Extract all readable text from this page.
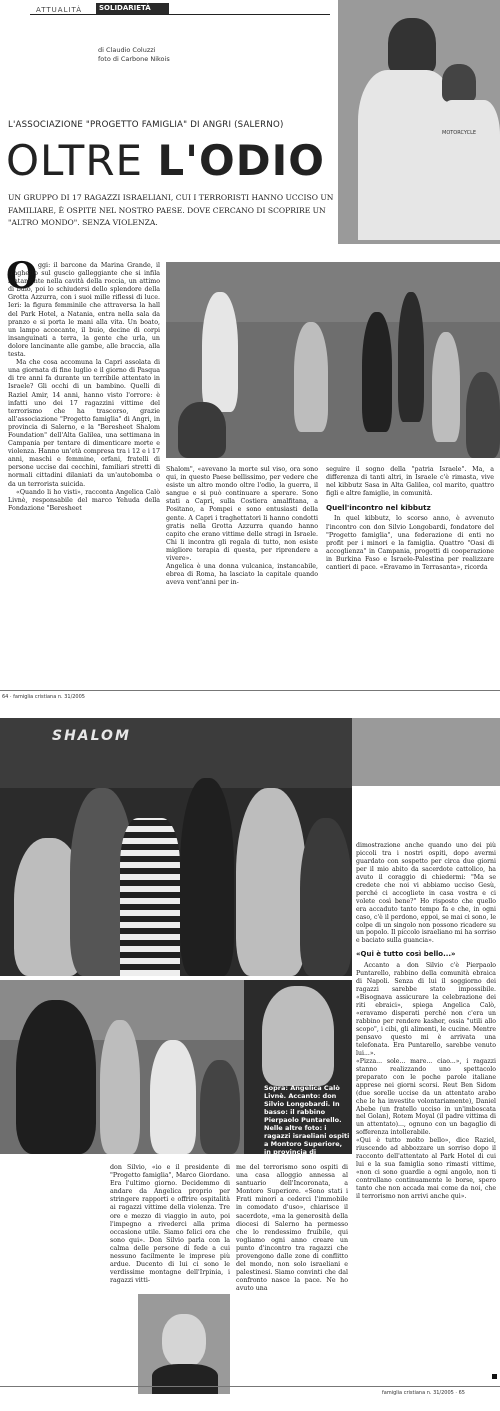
ATTUALITÀ	SOLIDARIETÀ
di Claudio Coluzzi
foto di Carbone Nikois
MOTORCYCLE
L'ASSOCIAZIONE "PROGETTO FAMIGLIA" DI ANGRI (SALERNO)
OLTRE L'ODIO
UN GRUPPO DI 17 RAGAZZI ISRAELIANI, CUI I TERRORISTI HANNO UCCISO UN FAMILIARE, È OSPITE NEL NOSTRO PAESE. DOVE CERCANO DI SCOPRIRE UN "ALTRO MONDO". SENZA VIOLENZA.
O ggi: il barcone da Marina Grande, il traghetto sul guscio galleggiante che si infila lentamente nella cavità della roccia, un attimo di buio, poi lo schiudersi dello splendore della Grotta Azzurra, con i suoi mille riflessi di luce. Ieri: la figura femminile che attraversa la hall del Park Hotel, a Natania, entra nella sala da pranzo e si porta le mani alla vita. Un boato, un lampo accecante, il buio, decine di corpi insanguinati a terra, la gente che urla, un dolore lancinante alle gambe, alle braccia, alla testa.

Ma che cosa accomuna la Capri assolata di una giornata di fine luglio e il giorno di Pasqua di tre anni fa durante un terribile attentato in Israele? Gli occhi di un bambino. Quelli di Raziel Amir, 14 anni, hanno visto l'orrore: è infatti uno dei 17 ragazzini vittime del terrorismo che ha trascorso, grazie all'associazione "Progetto famiglia" di Angri, in provincia di Salerno, e la "Beresheet Shalom Foundation" dell'Alta Galilea, una settimana in Campania per tentare di dimenticare morte e violenza. Hanno un'età compresa tra i 12 e i 17 anni, maschi e femmine, orfani, fratelli di persone uccise dai cecchini, familiari stretti di normali cittadini dilaniati da un'autobomba o da un terrorista suicida.

«Quando li ho visti», racconta Angelica Calò Livnè, responsabile del marco Yehuda della Fondazione "Beresheet

Shalom", «avevano la morte sul viso, ora sono qui, in questo Paese bellissimo, per vedere che esiste un altro mondo oltre l'odio, la guerra, il sangue e si può continuare a sperare. Sono stati a Capri, sulla Costiera amalfitana, a Positano, a Pompei e sono entusiasti della gente. A Capri i traghettatori li hanno condotti gratis nella Grotta Azzurra quando hanno capito che erano vittime delle stragi in Israele. Chi li incontra gli regala di tutto, non esiste migliore terapia di questa, per riprendere a vivere».
Angelica è una donna vulcanica, instancabile, ebrea di Roma, ha lasciato la capitale quando aveva vent'anni per in-

seguire il sogno della "patria Israele". Ma, a differenza di tanti altri, in Israele c'è rimasta, vive nel kibbutz Sasa in Alta Galilea, col marito, quattro figli e altre famiglie, in comunità.

Quell'incontro nel kibbutz

In quel kibbutz, lo scorso anno, è avvenuto l'incontro con don Silvio Longobardi, fondatore del "Progetto famiglia", una federazione di enti no profit per i minori e la famiglia. Quattro "Oasi di accoglienza" in Campania, progetti di cooperazione in Burkina Faso e Israele-Palestina per realizzare cantieri di pace. «Eravamo in Terrasanta», ricorda

64 · famiglia cristiana n. 31/2005
SHALOM
Sopra: Angelica Calò Livnè. Accanto: don Silvio Longobardi. In basso: il rabbino Pierpaolo Puntarello. Nelle altre foto: i ragazzi israeliani ospiti a Montoro Superiore, in provincia di Avellino.

don Silvio, «io e il presidente di "Progetto famiglia", Marco Giordano. Era l'ultimo giorno. Decidemmo di andare da Angelica proprio per stringere rapporti e offrire ospitalità ai ragazzi vittime della violenza. Tre ore e mezzo di viaggio in auto, poi l'impegno a rivederci alla prima occasione utile. Siamo felici ora che sono qui». Don Silvio parla con la calma delle persone di fede a cui nessuno facilmente le imprese più ardue. Ducento di lui ci sono le verdissime montagne dell'Irpinia, i ragazzi vitti-

me del terrorismo sono ospiti di una casa alloggio annessa al santuario dell'Incoronata, a Montoro Superiore. «Sono stati i Frati minori a cederci l'immobile in comodato d'uso», chiarisce il sacerdote, «ma la generosità della diocesi di Salerno ha permesso che lo rendessimo fruibile, qui vogliamo ogni anno creare un punto d'incontro tra ragazzi che provengono dalle zone di conflitto del mondo, non solo israeliani e palestinesi. Siamo convinti che dal confronto nasce la pace. Ne ho avuto una

dimostrazione anche quando uno dei più piccoli tra i nostri ospiti, dopo avermi guardato con sospetto per circa due giorni per il mio abito da sacerdote cattolico, ha avuto il coraggio di chiedermi: "Ma se credete che noi vi abbiamo ucciso Gesù, perché ci accogliete in casa vostra e ci volete così bene?" Ho risposto che quello era accaduto tanto tempo fa e che, in ogni caso, c'è il perdono, eppoi, se mai ci sono, le colpe di un singolo non possono ricadere su un popolo. Il piccolo israeliano mi ha sorriso e baciato sulla guancia».

«Qui è tutto così bello...»

Accanto a don Silvio c'è Pierpaolo Puntarello, rabbino della comunità ebraica di Napoli. Senza di lui il soggiorno dei ragazzi sarebbe stato impossibile. «Bisognava assicurare la celebrazione dei riti ebraici», spiega Angelica Calò, «eravamo disperati perché non c'era un rabbino per rendere kasher, ossia "utili allo scopo", i cibi, gli alimenti, le cucine. Mentre pensavo questo mi è arrivata una telefonata. Era Puntarello, sarebbe venuto lui...».
«Pizza... sole... mare... ciao...», i ragazzi stanno realizzando uno spettacolo preparato con le poche parole italiane apprese nei giorni scorsi. Reut Ben Sidom (due sorelle uccise da un attentato arabo che le ha investite volontariamente), Daniel Abebe (un fratello ucciso in un'imboscata nel Golan), Rotem Moyal (il padre vittima di un attentato)..., ognuno con un bagaglio di sofferenza intollerabile.
«Qui è tutto molto bello», dice Raziel, riuscendo ad abbozzare un sorriso dopo il racconto dell'attentato al Park Hotel di cui lui e la sua famiglia sono rimasti vittime, «non ci sono guardie a ogni angolo, non ti controllano continuamente le borse, spero tanto che non accada mai come da noi, che il terrorismo non arrivi anche qui».

famiglia cristiana n. 31/2005 · 65
